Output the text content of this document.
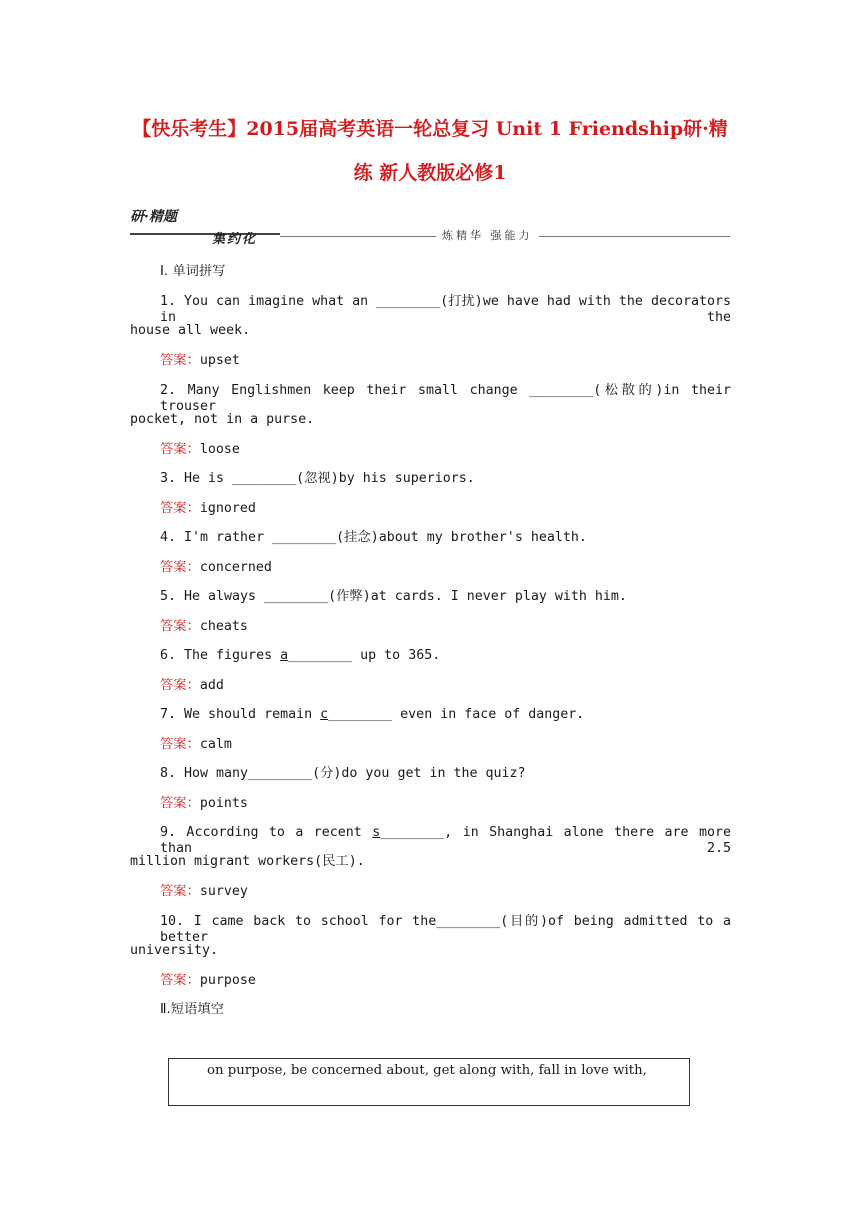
【快乐考生】2015届高考英语一轮总复习 Unit 1 Friendship研·精
练 新人教版必修1
研·精题
集约化	炼精华 强能力
Ⅰ. 单词拼写
1. You can imagine what an ________(打扰)we have had with the decorators in the
house all week.
答案：upset
2. Many Englishmen keep their small change ________(松散的)in their trouser
pocket, not in a purse.
答案：loose
3. He is ________(忽视)by his superiors.
答案：ignored
4. I'm rather ________(挂念)about my brother's health.
答案：concerned
5. He always ________(作弊)at cards. I never play with him.
答案：cheats
6. The figures a________ up to 365.
答案：add
7. We should remain c________ even in face of danger.
答案：calm
8. How many________(分)do you get in the quiz?
答案：points
9. According to a recent s________, in Shanghai alone there are more than 2.5
million migrant workers(民工).
答案：survey
10. I came back to school for the________(目的)of being admitted to a better
university.
答案：purpose
Ⅱ.短语填空
on purpose, be concerned about, get along with, fall in love with,
